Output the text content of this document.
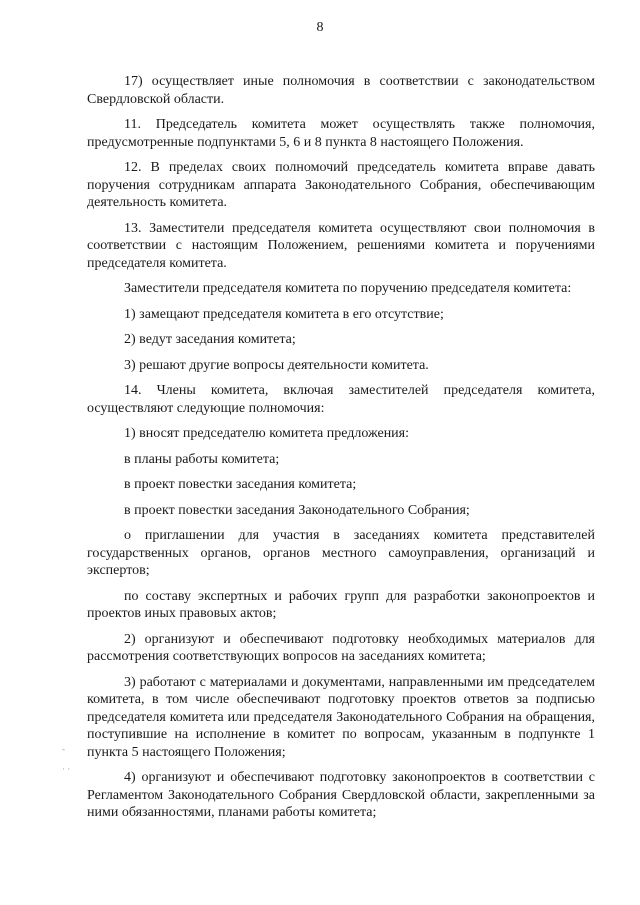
8
‑
· ·

17) осуществляет иные полномочия в соответствии с законодательством Свердловской области.

11. Председатель комитета может осуществлять также полномочия, предусмотренные подпунктами 5, 6 и 8 пункта 8 настоящего Положения.

12. В пределах своих полномочий председатель комитета вправе давать поручения сотрудникам аппарата Законодательного Собрания, обеспечивающим деятельность комитета.

13. Заместители председателя комитета осуществляют свои полномочия в соответствии с настоящим Положением, решениями комитета и поручениями председателя комитета.

Заместители председателя комитета по поручению председателя комитета:

1) замещают председателя комитета в его отсутствие;

2) ведут заседания комитета;

3) решают другие вопросы деятельности комитета.

14. Члены комитета, включая заместителей председателя комитета, осуществляют следующие полномочия:

1) вносят председателю комитета предложения:

в планы работы комитета;

в проект повестки заседания комитета;

в проект повестки заседания Законодательного Собрания;

о приглашении для участия в заседаниях комитета представителей государственных органов, органов местного самоуправления, организаций и экспертов;

по составу экспертных и рабочих групп для разработки законопроектов и проектов иных правовых актов;

2) организуют и обеспечивают подготовку необходимых материалов для рассмотрения соответствующих вопросов на заседаниях комитета;

3) работают с материалами и документами, направленными им председателем комитета, в том числе обеспечивают подготовку проектов ответов за подписью председателя комитета или председателя Законодательного Собрания на обращения, поступившие на исполнение в комитет по вопросам, указанным в подпункте 1 пункта 5 настоящего Положения;

4) организуют и обеспечивают подготовку законопроектов в соответствии с Регламентом Законодательного Собрания Свердловской области, закрепленными за ними обязанностями, планами работы комитета;
